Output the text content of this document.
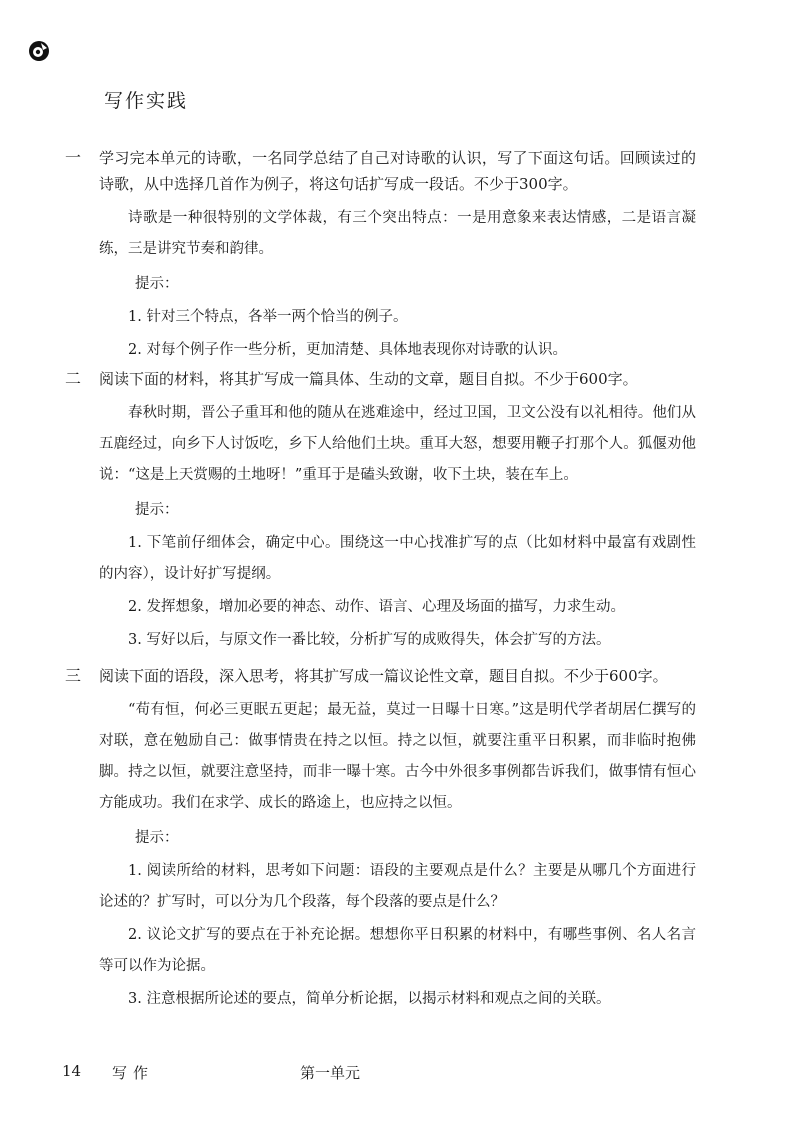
写作实践
一 学习完本单元的诗歌，一名同学总结了自己对诗歌的认识，写了下面这句话。回顾读过的诗歌，从中选择几首作为例子，将这句话扩写成一段话。不少于300字。

诗歌是一种很特别的文学体裁，有三个突出特点：一是用意象来表达情感，二是语言凝练，三是讲究节奏和韵律。

提示：

1. 针对三个特点，各举一两个恰当的例子。

2. 对每个例子作一些分析，更加清楚、具体地表现你对诗歌的认识。

二 阅读下面的材料，将其扩写成一篇具体、生动的文章，题目自拟。不少于600字。

春秋时期，晋公子重耳和他的随从在逃难途中，经过卫国，卫文公没有以礼相待。他们从五鹿经过，向乡下人讨饭吃，乡下人给他们土块。重耳大怒，想要用鞭子打那个人。狐偃劝他说：“这是上天赏赐的土地呀！”重耳于是磕头致谢，收下土块，装在车上。

提示：

1. 下笔前仔细体会，确定中心。围绕这一中心找准扩写的点（比如材料中最富有戏剧性的内容），设计好扩写提纲。

2. 发挥想象，增加必要的神态、动作、语言、心理及场面的描写，力求生动。

3. 写好以后，与原文作一番比较，分析扩写的成败得失，体会扩写的方法。

三 阅读下面的语段，深入思考，将其扩写成一篇议论性文章，题目自拟。不少于600字。

“苟有恒，何必三更眠五更起；最无益，莫过一日曝十日寒。”这是明代学者胡居仁撰写的对联，意在勉励自己：做事情贵在持之以恒。持之以恒，就要注重平日积累，而非临时抱佛脚。持之以恒，就要注意坚持，而非一曝十寒。古今中外很多事例都告诉我们，做事情有恒心方能成功。我们在求学、成长的路途上，也应持之以恒。

提示：

1. 阅读所给的材料，思考如下问题：语段的主要观点是什么？主要是从哪几个方面进行论述的？扩写时，可以分为几个段落，每个段落的要点是什么？

2. 议论文扩写的要点在于补充论据。想想你平日积累的材料中，有哪些事例、名人名言等可以作为论据。

3. 注意根据所论述的要点，简单分析论据，以揭示材料和观点之间的关联。

14 写作	第一单元
